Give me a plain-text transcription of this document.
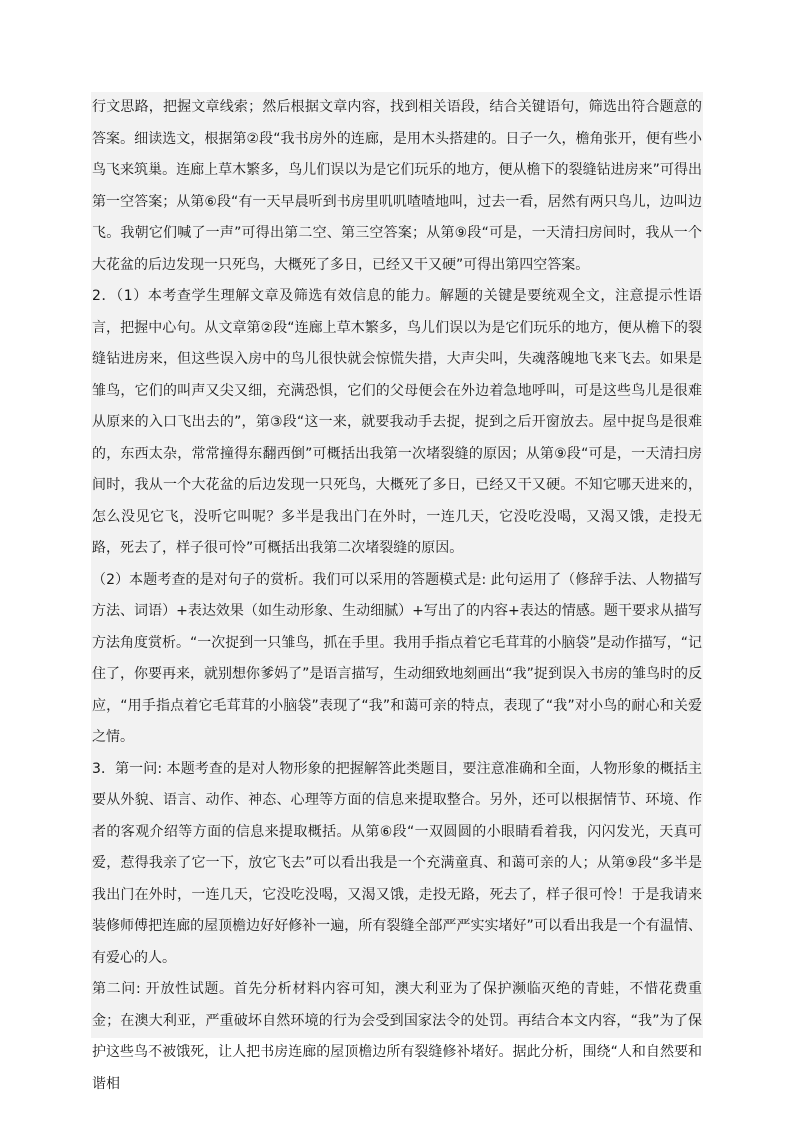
行文思路，把握文章线索；然后根据文章内容，找到相关语段，结合关键语句，筛选出符合题意的答案。细读选文，根据第②段“我书房外的连廊，是用木头搭建的。日子一久，檐角张开，便有些小鸟飞来筑巢。连廊上草木繁多，鸟儿们误以为是它们玩乐的地方，便从檐下的裂缝钻进房来”可得出第一空答案；从第⑥段“有一天早晨听到书房里叽叽喳喳地叫，过去一看，居然有两只鸟儿，边叫边飞。我朝它们喊了一声”可得出第二空、第三空答案；从第⑨段“可是，一天清扫房间时，我从一个大花盆的后边发现一只死鸟，大概死了多日，已经又干又硬”可得出第四空答案。

2．（1）本考查学生理解文章及筛选有效信息的能力。解题的关键是要统观全文，注意提示性语言，把握中心句。从文章第②段“连廊上草木繁多，鸟儿们误以为是它们玩乐的地方，便从檐下的裂缝钻进房来，但这些误入房中的鸟儿很快就会惊慌失措，大声尖叫，失魂落魄地飞来飞去。如果是雏鸟，它们的叫声又尖又细，充满恐惧，它们的父母便会在外边着急地呼叫，可是这些鸟儿是很难从原来的入口飞出去的”，第③段“这一来，就要我动手去捉，捉到之后开窗放去。屋中捉鸟是很难的，东西太杂，常常撞得东翻西倒”可概括出我第一次堵裂缝的原因；从第⑨段“可是，一天清扫房间时，我从一个大花盆的后边发现一只死鸟，大概死了多日，已经又干又硬。不知它哪天进来的，怎么没见它飞，没听它叫呢？多半是我出门在外时，一连几天，它没吃没喝，又渴又饿，走投无路，死去了，样子很可怜”可概括出我第二次堵裂缝的原因。

（2）本题考查的是对句子的赏析。我们可以采用的答题模式是: 此句运用了（修辞手法、人物描写方法、词语）+表达效果（如生动形象、生动细腻）+写出了的内容+表达的情感。题干要求从描写方法角度赏析。“一次捉到一只雏鸟，抓在手里。我用手指点着它毛茸茸的小脑袋”是动作描写，“记住了，你要再来，就别想你爹妈了”是语言描写，生动细致地刻画出“我”捉到误入书房的雏鸟时的反应，“用手指点着它毛茸茸的小脑袋”表现了“我”和蔼可亲的特点，表现了“我”对小鸟的耐心和关爱之情。

3．第一问: 本题考查的是对人物形象的把握解答此类题目，要注意准确和全面，人物形象的概括主要从外貌、语言、动作、神态、心理等方面的信息来提取整合。另外，还可以根据情节、环境、作者的客观介绍等方面的信息来提取概括。从第⑥段“一双圆圆的小眼睛看着我，闪闪发光，天真可爱，惹得我亲了它一下，放它飞去”可以看出我是一个充满童真、和蔼可亲的人；从第⑨段“多半是我出门在外时，一连几天，它没吃没喝，又渴又饿，走投无路，死去了，样子很可怜！于是我请来装修师傅把连廊的屋顶檐边好好修补一遍，所有裂缝全部严严实实堵好”可以看出我是一个有温情、有爱心的人。

第二问: 开放性试题。首先分析材料内容可知，澳大利亚为了保护濒临灭绝的青蛙，不惜花费重金；在澳大利亚，严重破坏自然环境的行为会受到国家法令的处罚。再结合本文内容，“我”为了保护这些鸟不被饿死，让人把书房连廊的屋顶檐边所有裂缝修补堵好。据此分析，围绕“人和自然要和谐相
